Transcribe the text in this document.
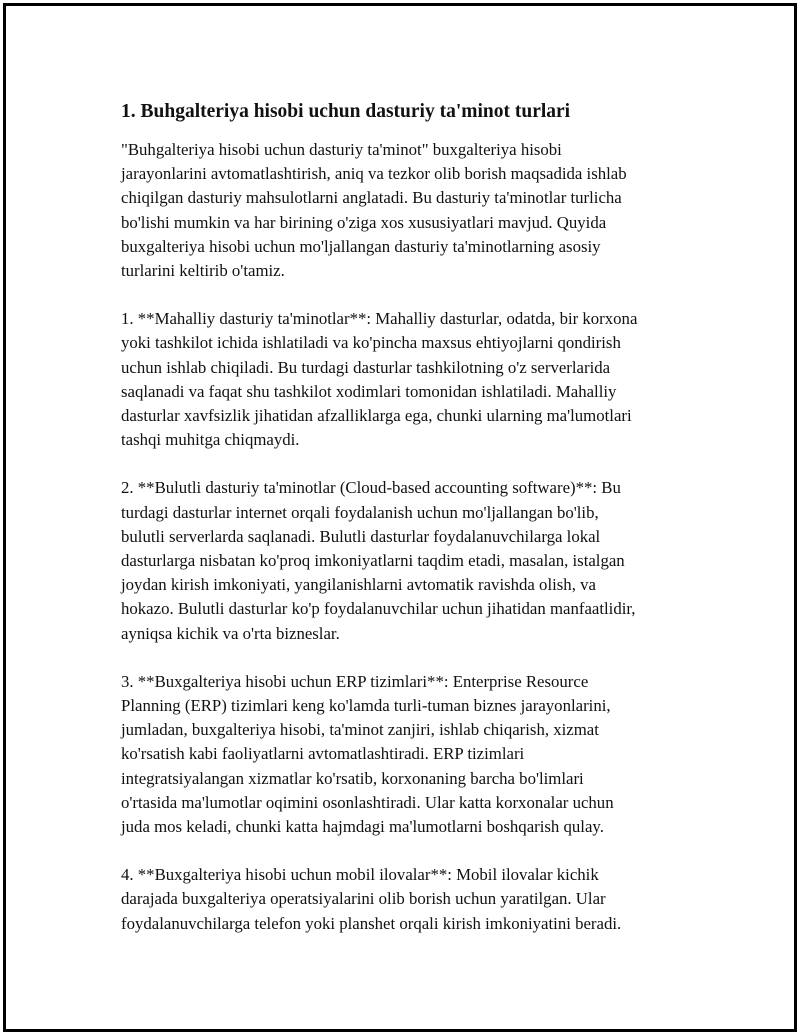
1. Buhgalteriya hisobi uchun dasturiy ta'minot turlari

"Buhgalteriya hisobi uchun dasturiy ta'minot" buxgalteriya hisobi
jarayonlarini avtomatlashtirish, aniq va tezkor olib borish maqsadida ishlab
chiqilgan dasturiy mahsulotlarni anglatadi. Bu dasturiy ta'minotlar turlicha
bo'lishi mumkin va har birining o'ziga xos xususiyatlari mavjud. Quyida
buxgalteriya hisobi uchun mo'ljallangan dasturiy ta'minotlarning asosiy
turlarini keltirib o'tamiz.

1. **Mahalliy dasturiy ta'minotlar**: Mahalliy dasturlar, odatda, bir korxona
yoki tashkilot ichida ishlatiladi va ko'pincha maxsus ehtiyojlarni qondirish
uchun ishlab chiqiladi. Bu turdagi dasturlar tashkilotning o'z serverlarida
saqlanadi va faqat shu tashkilot xodimlari tomonidan ishlatiladi. Mahalliy
dasturlar xavfsizlik jihatidan afzalliklarga ega, chunki ularning ma'lumotlari
tashqi muhitga chiqmaydi.

2. **Bulutli dasturiy ta'minotlar (Cloud-based accounting software)**: Bu
turdagi dasturlar internet orqali foydalanish uchun mo'ljallangan bo'lib,
bulutli serverlarda saqlanadi. Bulutli dasturlar foydalanuvchilarga lokal
dasturlarga nisbatan ko'proq imkoniyatlarni taqdim etadi, masalan, istalgan
joydan kirish imkoniyati, yangilanishlarni avtomatik ravishda olish, va
hokazo. Bulutli dasturlar ko'p foydalanuvchilar uchun jihatidan manfaatlidir,
ayniqsa kichik va o'rta bizneslar.

3. **Buxgalteriya hisobi uchun ERP tizimlari**: Enterprise Resource
Planning (ERP) tizimlari keng ko'lamda turli-tuman biznes jarayonlarini,
jumladan, buxgalteriya hisobi, ta'minot zanjiri, ishlab chiqarish, xizmat
ko'rsatish kabi faoliyatlarni avtomatlashtiradi. ERP tizimlari
integratsiyalangan xizmatlar ko'rsatib, korxonaning barcha bo'limlari
o'rtasida ma'lumotlar oqimini osonlashtiradi. Ular katta korxonalar uchun
juda mos keladi, chunki katta hajmdagi ma'lumotlarni boshqarish qulay.

4. **Buxgalteriya hisobi uchun mobil ilovalar**: Mobil ilovalar kichik
darajada buxgalteriya operatsiyalarini olib borish uchun yaratilgan. Ular
foydalanuvchilarga telefon yoki planshet orqali kirish imkoniyatini beradi.
